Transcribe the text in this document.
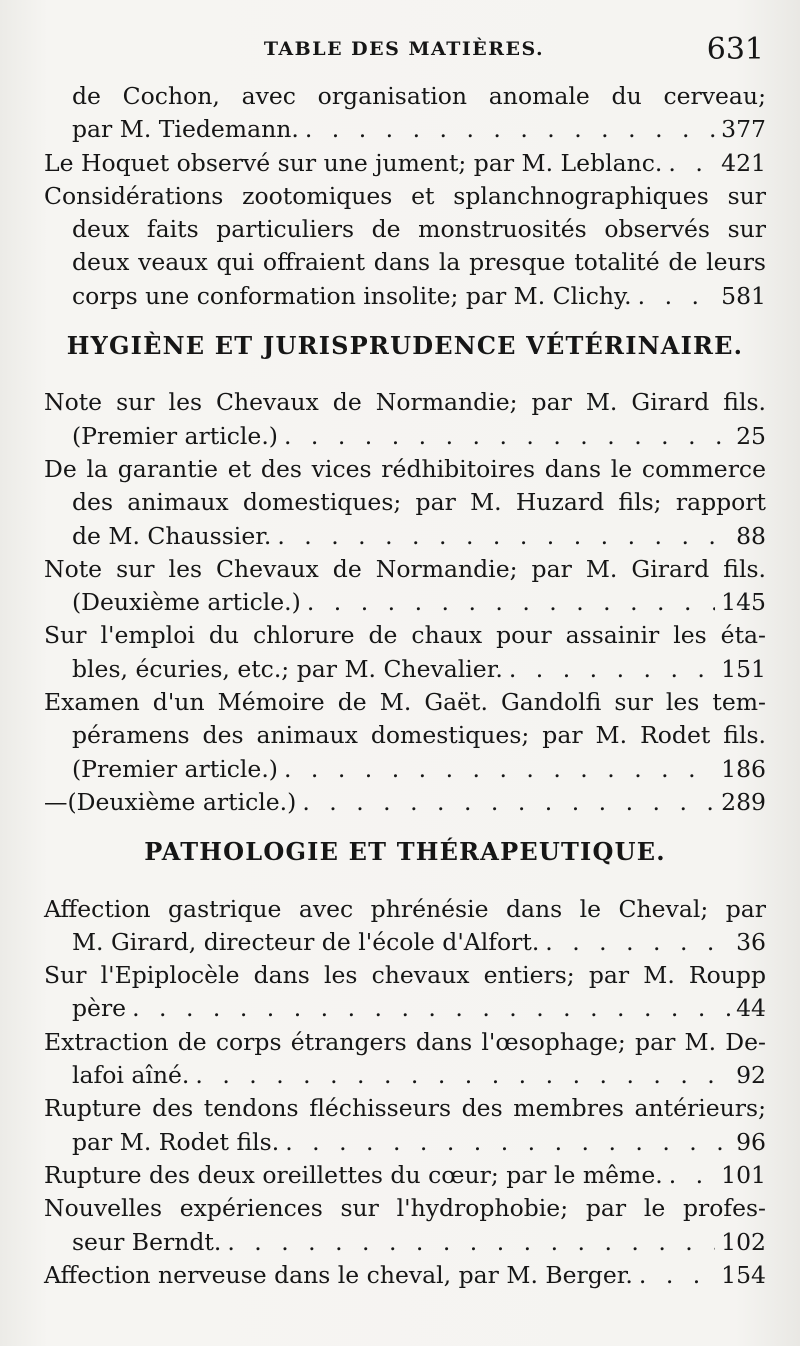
TABLE DES MATIÈRES.	631
de Cochon, avec organisation anomale du cerveau;
par M. Tiedemann. . . .	377
Le Hoquet observé sur une jument; par M. Leblanc. . . . 421
Considérations zootomiques et splanchnographiques sur
deux faits particuliers de monstruosités observés sur
deux veaux qui offraient dans la presque totalité de leurs
corps une conformation insolite; par M. Clichy. . . .	581
HYGIÈNE ET JURISPRUDENCE VÉTÉRINAIRE.
Note sur les Chevaux de Normandie; par M. Girard fils.
(Premier article.) . . .	25
De la garantie et des vices rédhibitoires dans le commerce
des animaux domestiques; par M. Huzard fils; rapport
de M. Chaussier. . . .	88
Note sur les Chevaux de Normandie; par M. Girard fils.
(Deuxième article.) . . .	145
Sur l'emploi du chlorure de chaux pour assainir les éta-
bles, écuries, etc.; par M. Chevalier. . . .	151
Examen d'un Mémoire de M. Gaët. Gandolfi sur les tem-
péramens des animaux domestiques; par M. Rodet fils.
(Premier article.) . . .	186
—(Deuxième article.) . . .	289
PATHOLOGIE ET THÉRAPEUTIQUE.
Affection gastrique avec phrénésie dans le Cheval; par
M. Girard, directeur de l'école d'Alfort. . . .	36
Sur l'Epiplocèle dans les chevaux entiers; par M. Roupp
père . . .	44
Extraction de corps étrangers dans l'œsophage; par M. De-
lafoi aîné. . . .	92
Rupture des tendons fléchisseurs des membres antérieurs;
par M. Rodet fils. . . .	96
Rupture des deux oreillettes du cœur; par le même. . . . 101
Nouvelles expériences sur l'hydrophobie; par le profes-
seur Berndt. . . .	102
Affection nerveuse dans le cheval, par M. Berger. . . .	154
